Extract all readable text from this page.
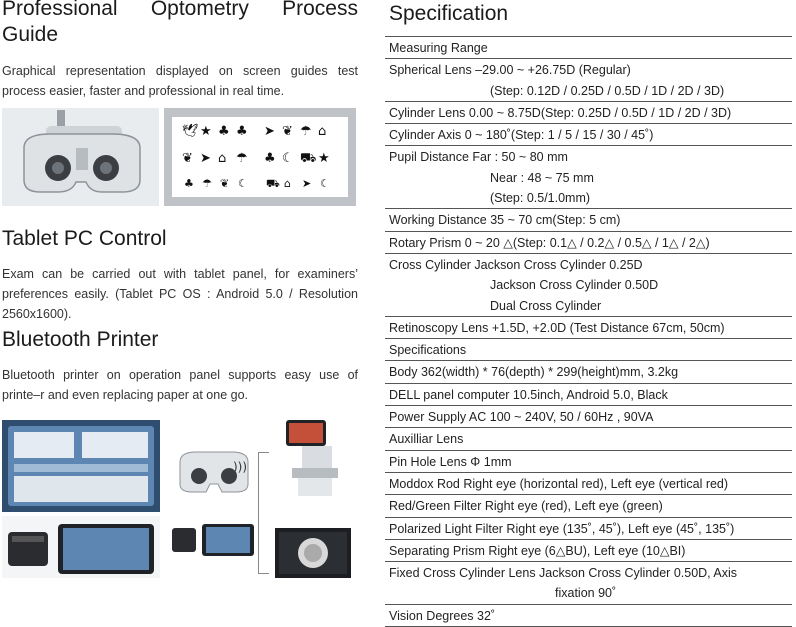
Professional Optometry Process
Guide
Graphical representation displayed on screen guides test process easier, faster and professional in real time.
🕊 ★ ♣ ♣ ➤ ❦ ☂ ⌂
❦ ➤ ⌂ ☂ ♣ ☾ ⛟ ★
♣ ☂ ❦ ☾ ⛟ ⌂ ➤ ☾
Tablet PC Control
Exam can be carried out with tablet panel, for examiners’ preferences easily. (Tablet PC OS : Android 5.0 / Resolution 2560x1600).
Bluetooth Printer
Bluetooth printer on operation panel supports easy use of printe–r and even replacing paper at one go.
)))
Specification
Measuring Range
Spherical Lens –29.00 ~ +26.75D (Regular)
(Step: 0.12D / 0.25D / 0.5D / 1D / 2D / 3D)
Cylinder Lens 0.00 ~ 8.75D(Step: 0.25D / 0.5D / 1D / 2D / 3D)
Cylinder Axis 0 ~ 180˚(Step: 1 / 5 / 15 / 30 / 45˚)
Pupil Distance Far : 50 ~ 80 mm
Near : 48 ~ 75 mm
(Step: 0.5/1.0mm)
Working Distance 35 ~ 70 cm(Step: 5 cm)
Rotary Prism 0 ~ 20 △(Step: 0.1△ / 0.2△ / 0.5△ / 1△ / 2△)
Cross Cylinder Jackson Cross Cylinder 0.25D
Jackson Cross Cylinder 0.50D
Dual Cross Cylinder
Retinoscopy Lens +1.5D, +2.0D (Test Distance 67cm, 50cm)
Specifications
Body 362(width) * 76(depth) * 299(height)mm, 3.2kg
DELL panel computer 10.5inch, Android 5.0, Black
Power Supply AC 100 ~ 240V, 50 / 60Hz , 90VA
Auxilliar Lens
Pin Hole Lens Φ 1mm
Moddox Rod Right eye (horizontal red), Left eye (vertical red)
Red/Green Filter Right eye (red), Left eye (green)
Polarized Light Filter Right eye (135˚, 45˚), Left eye (45˚, 135˚)
Separating Prism Right eye (6△BU), Left eye (10△BI)
Fixed Cross Cylinder Lens Jackson Cross Cylinder 0.50D, Axis
fixation 90˚
Vision Degrees 32˚
